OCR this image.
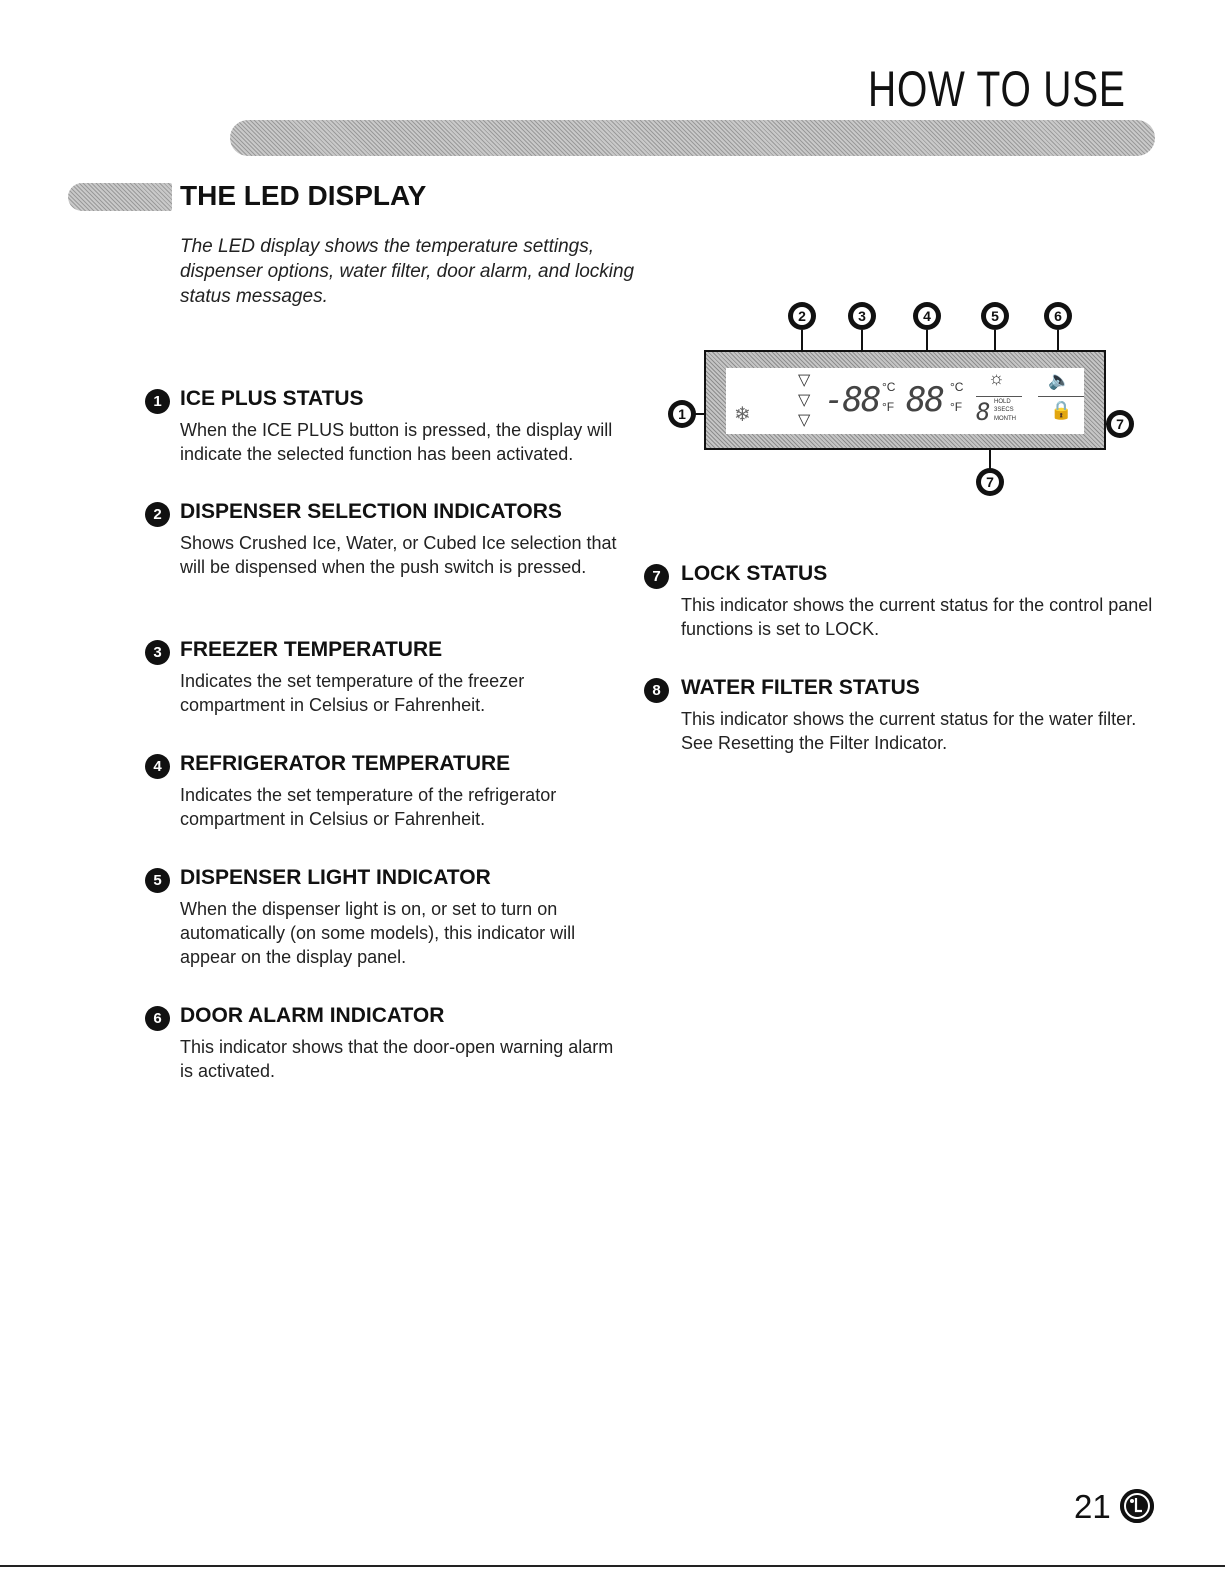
HOW TO USE
THE LED DISPLAY
The LED display shows the temperature settings, dispenser options, water filter, door alarm, and locking status messages.
1 ICE PLUS STATUS
When the ICE PLUS button is pressed, the display will indicate the selected function has been activated.
2 DISPENSER SELECTION INDICATORS
Shows Crushed Ice, Water, or Cubed Ice selection that will be dispensed when the push switch is pressed.
3 FREEZER TEMPERATURE
Indicates the set temperature of the freezer compartment in Celsius or Fahrenheit.
4 REFRIGERATOR TEMPERATURE
Indicates the set temperature of the refrigerator compartment in Celsius or Fahrenheit.
5 DISPENSER LIGHT INDICATOR
When the dispenser light is on, or set to turn on automatically (on some models), this indicator will appear on the display panel.
6 DOOR ALARM INDICATOR
This indicator shows that the door-open warning alarm is activated.
7 LOCK STATUS
This indicator shows the current status for the control panel functions is set to LOCK.
8 WATER FILTER STATUS
This indicator shows the current status for the water filter. See Resetting the Filter Indicator.
2	3	4	5	6
1
7
7
❄
▽
▽
▽
-88 °C
°F 88 °C
°F
☼
8 HOLD
3SECS
MONTH
🔈
🔒
21
